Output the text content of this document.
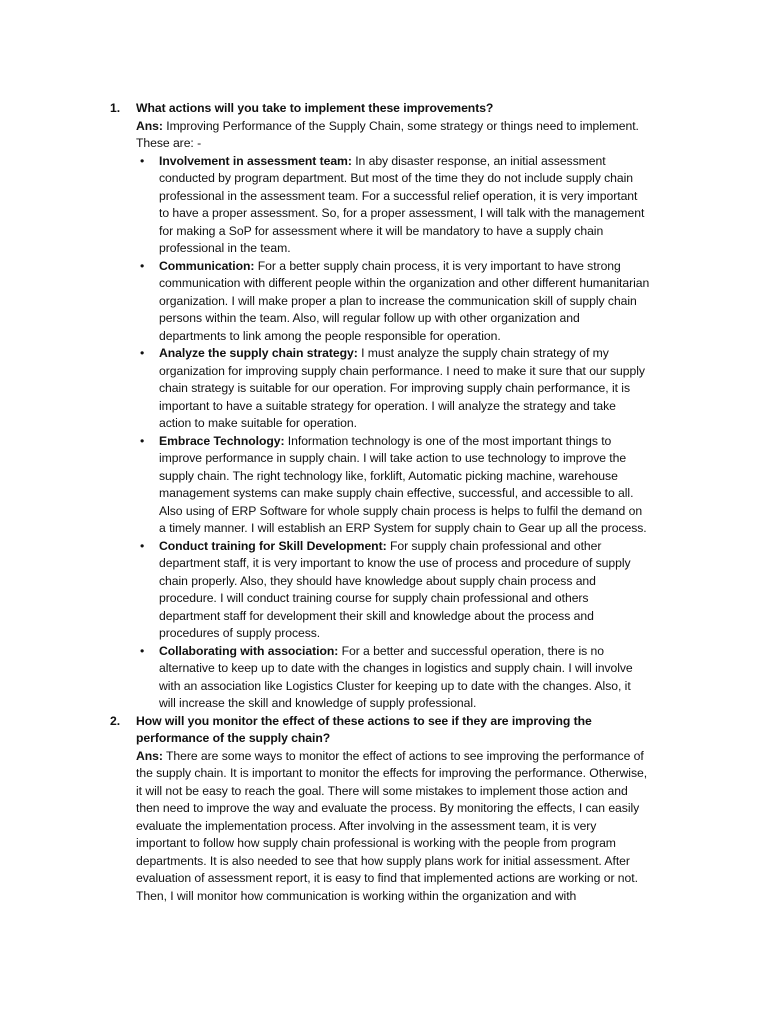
1. What actions will you take to implement these improvements?
Ans: Improving Performance of the Supply Chain, some strategy or things need to implement. These are: -
• Involvement in assessment team: In aby disaster response, an initial assessment conducted by program department. But most of the time they do not include supply chain professional in the assessment team. For a successful relief operation, it is very important to have a proper assessment. So, for a proper assessment, I will talk with the management for making a SoP for assessment where it will be mandatory to have a supply chain professional in the team.
• Communication: For a better supply chain process, it is very important to have strong communication with different people within the organization and other different humanitarian organization. I will make proper a plan to increase the communication skill of supply chain persons within the team. Also, will regular follow up with other organization and departments to link among the people responsible for operation.
• Analyze the supply chain strategy: I must analyze the supply chain strategy of my organization for improving supply chain performance. I need to make it sure that our supply chain strategy is suitable for our operation. For improving supply chain performance, it is important to have a suitable strategy for operation. I will analyze the strategy and take action to make suitable for operation.
• Embrace Technology: Information technology is one of the most important things to improve performance in supply chain. I will take action to use technology to improve the supply chain. The right technology like, forklift, Automatic picking machine, warehouse management systems can make supply chain effective, successful, and accessible to all. Also using of ERP Software for whole supply chain process is helps to fulfil the demand on a timely manner. I will establish an ERP System for supply chain to Gear up all the process.
• Conduct training for Skill Development: For supply chain professional and other department staff, it is very important to know the use of process and procedure of supply chain properly. Also, they should have knowledge about supply chain process and procedure. I will conduct training course for supply chain professional and others department staff for development their skill and knowledge about the process and procedures of supply process.
• Collaborating with association: For a better and successful operation, there is no alternative to keep up to date with the changes in logistics and supply chain. I will involve with an association like Logistics Cluster for keeping up to date with the changes. Also, it will increase the skill and knowledge of supply professional.
2. How will you monitor the effect of these actions to see if they are improving the performance of the supply chain?
Ans: There are some ways to monitor the effect of actions to see improving the performance of the supply chain. It is important to monitor the effects for improving the performance. Otherwise, it will not be easy to reach the goal. There will some mistakes to implement those action and then need to improve the way and evaluate the process. By monitoring the effects, I can easily evaluate the implementation process. After involving in the assessment team, it is very important to follow how supply chain professional is working with the people from program departments. It is also needed to see that how supply plans work for initial assessment. After evaluation of assessment report, it is easy to find that implemented actions are working or not. Then, I will monitor how communication is working within the organization and with
